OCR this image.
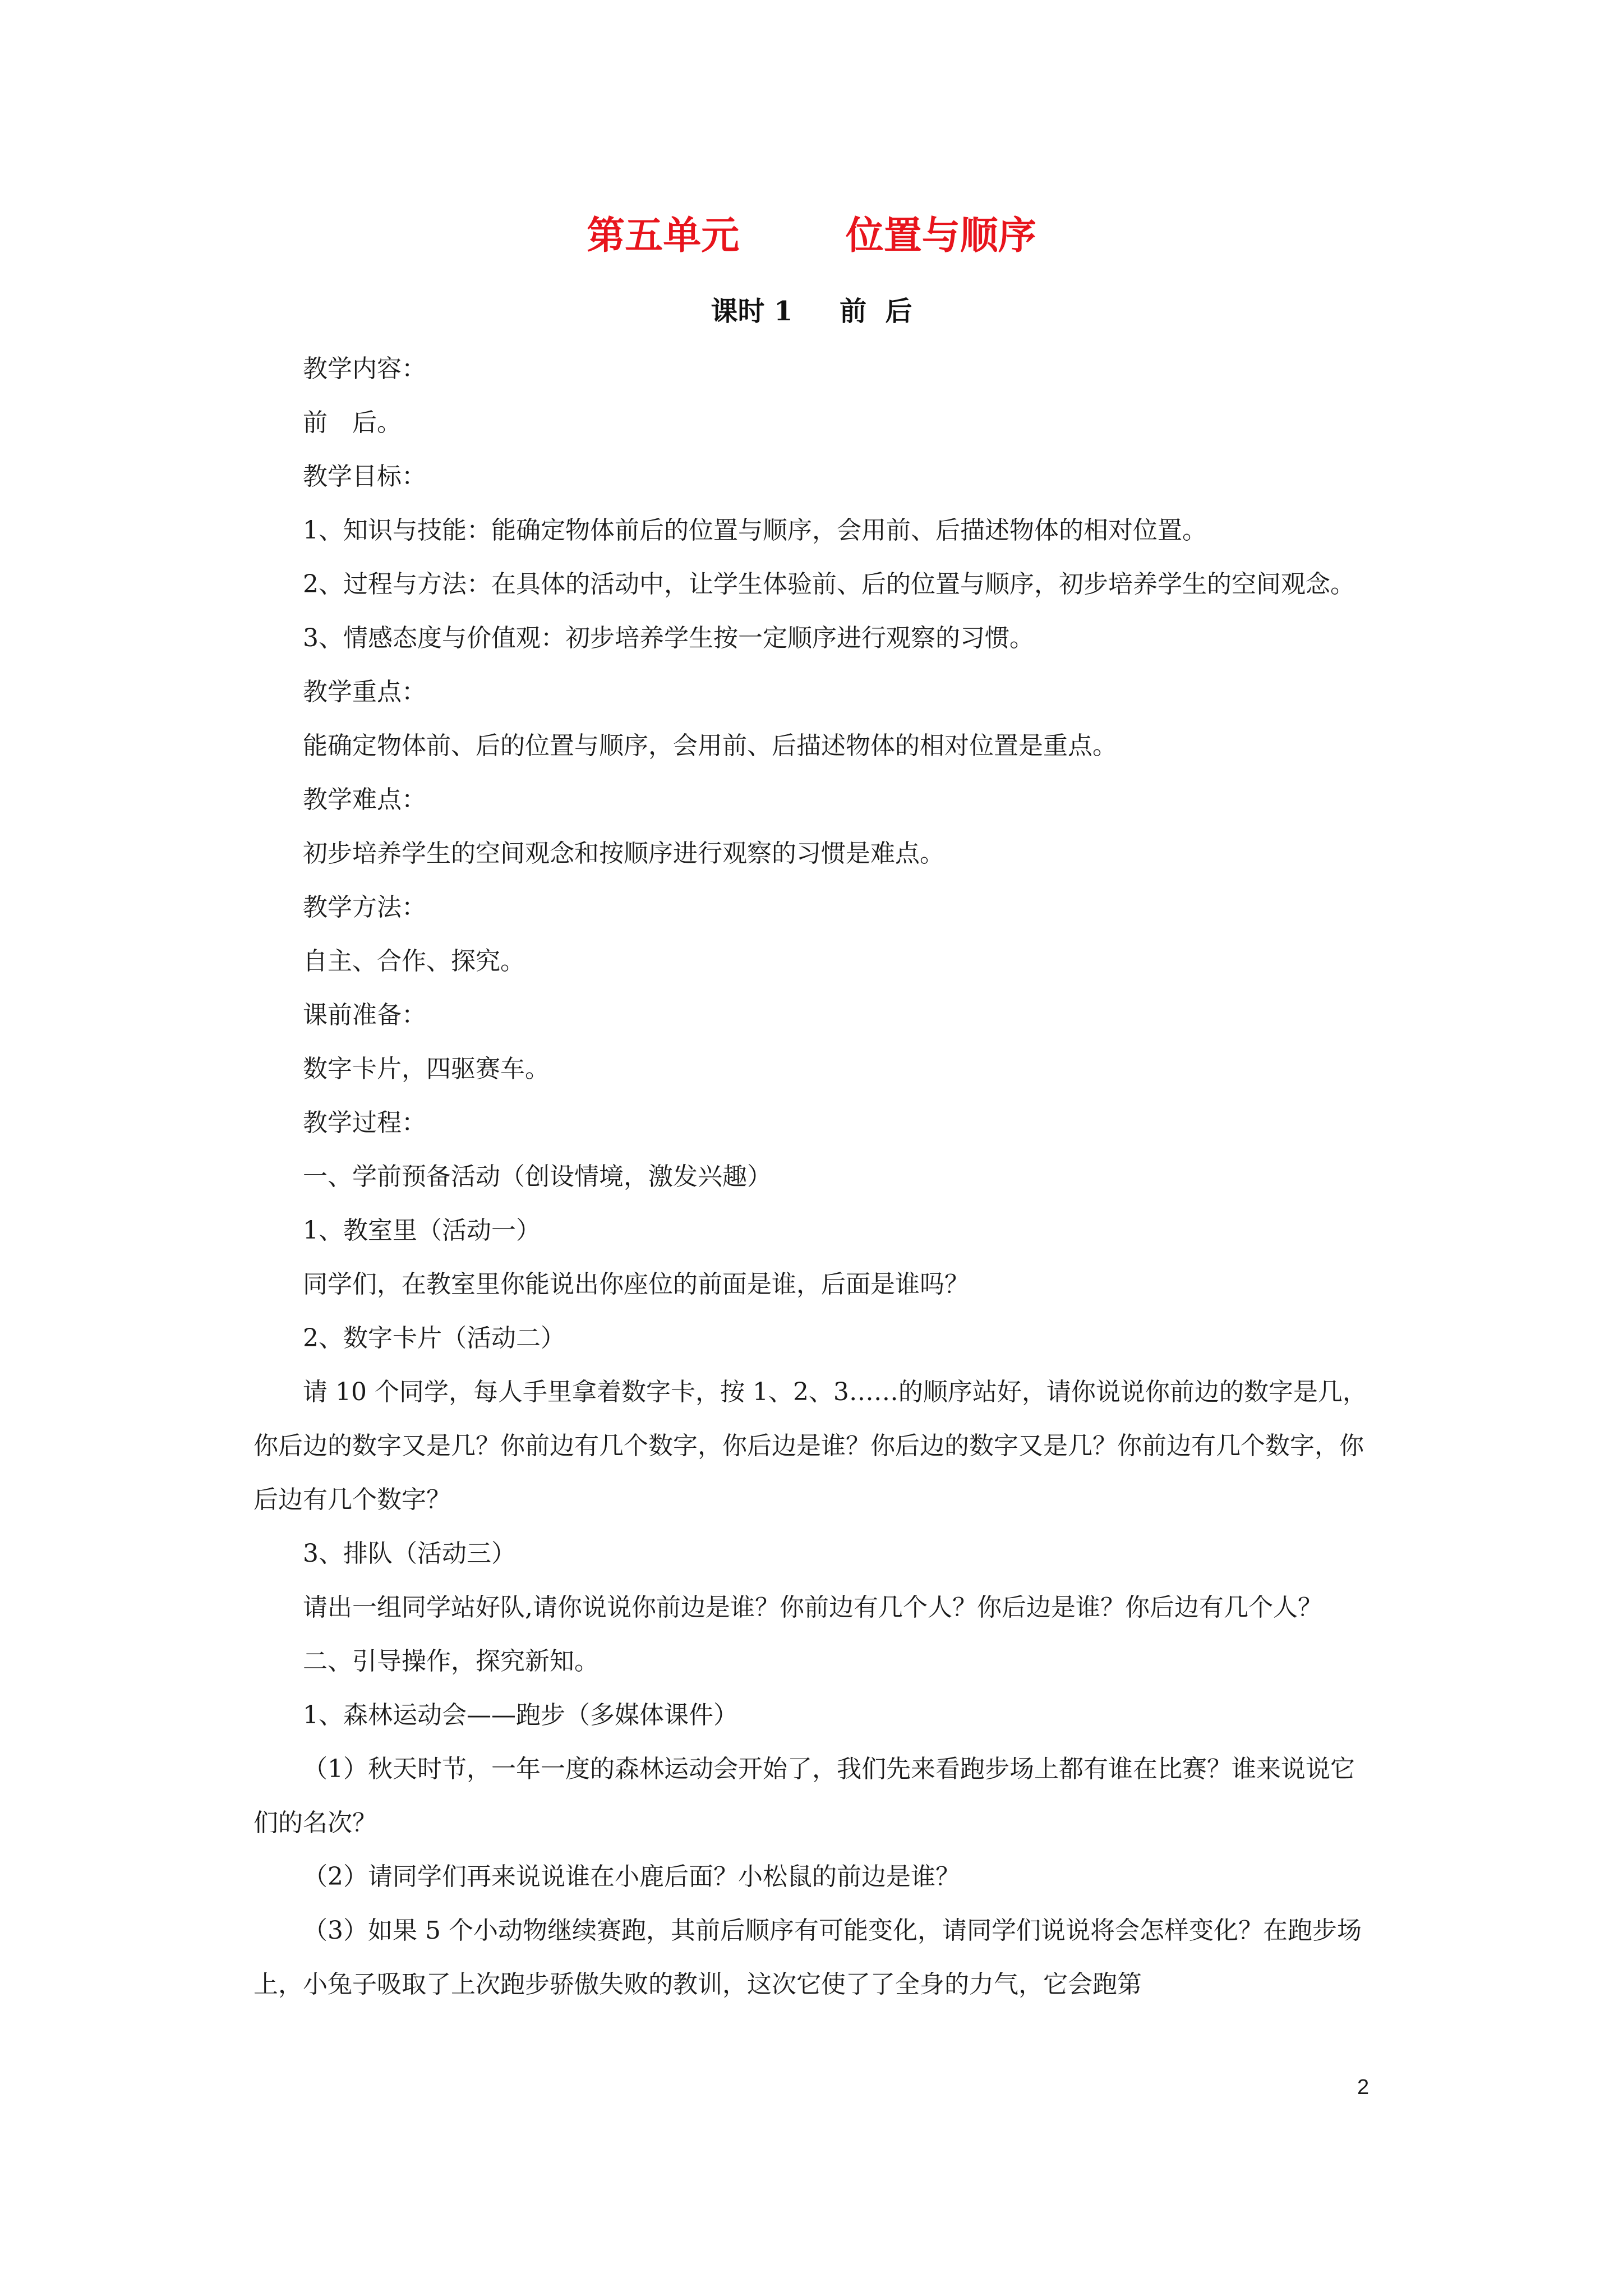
第五单元        位置与顺序
课时 1     前  后

教学内容：

前　后。

教学目标：

1、知识与技能：能确定物体前后的位置与顺序，会用前、后描述物体的相对位置。

2、过程与方法：在具体的活动中，让学生体验前、后的位置与顺序，初步培养学生的空间观念。

3、情感态度与价值观：初步培养学生按一定顺序进行观察的习惯。

教学重点：

能确定物体前、后的位置与顺序，会用前、后描述物体的相对位置是重点。

教学难点：

初步培养学生的空间观念和按顺序进行观察的习惯是难点。

教学方法：

自主、合作、探究。

课前准备：

数字卡片，四驱赛车。

教学过程：

一、学前预备活动（创设情境，激发兴趣）

1、教室里（活动一）

同学们，在教室里你能说出你座位的前面是谁，后面是谁吗？

2、数字卡片（活动二）

请 10 个同学，每人手里拿着数字卡，按 1、2、3……的顺序站好，请你说说你前边的数字是几，你后边的数字又是几？你前边有几个数字，你后边是谁？你后边的数字又是几？你前边有几个数字，你后边有几个数字？

3、排队（活动三）

请出一组同学站好队,请你说说你前边是谁？你前边有几个人？你后边是谁？你后边有几个人？

二、引导操作，探究新知。

1、森林运动会——跑步（多媒体课件）

（1）秋天时节，一年一度的森林运动会开始了，我们先来看跑步场上都有谁在比赛？谁来说说它们的名次？

（2）请同学们再来说说谁在小鹿后面？小松鼠的前边是谁？

（3）如果 5 个小动物继续赛跑，其前后顺序有可能变化，请同学们说说将会怎样变化？在跑步场上，小兔子吸取了上次跑步骄傲失败的教训，这次它使了了全身的力气，它会跑第

2
